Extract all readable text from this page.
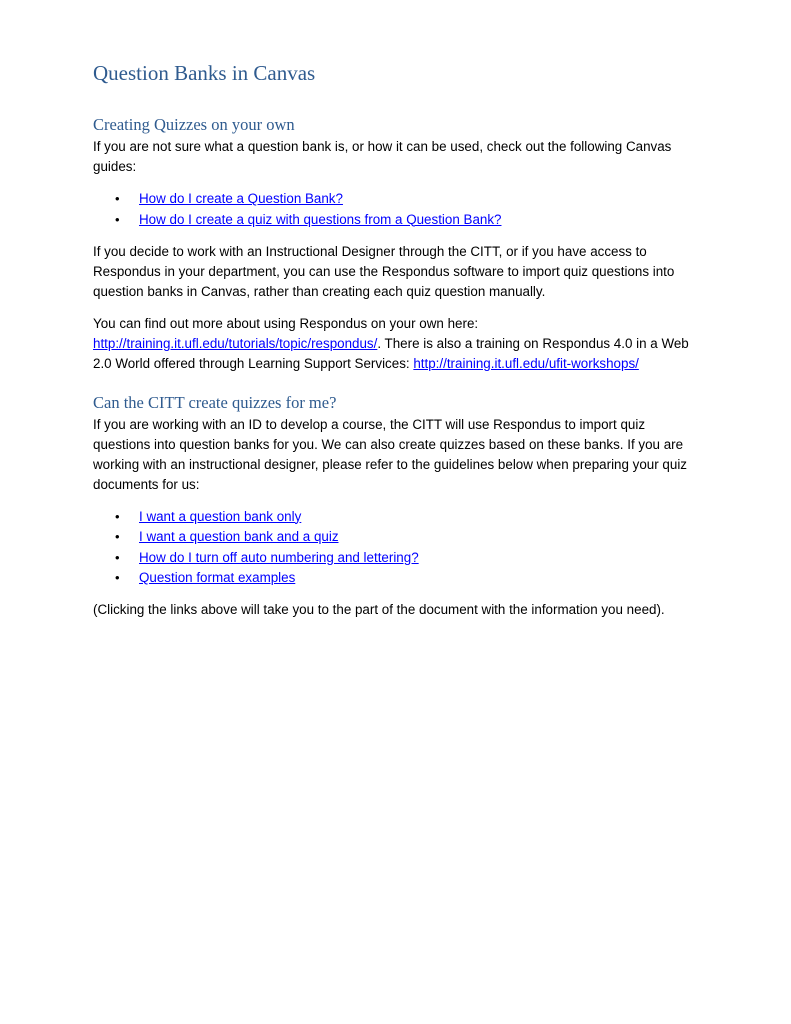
Question Banks in Canvas
Creating Quizzes on your own

If you are not sure what a question bank is, or how it can be used, check out the following Canvas guides:

• How do I create a Question Bank?
• How do I create a quiz with questions from a Question Bank?

If you decide to work with an Instructional Designer through the CITT, or if you have access to Respondus in your department, you can use the Respondus software to import quiz questions into question banks in Canvas, rather than creating each quiz question manually.

You can find out more about using Respondus on your own here:
http://training.it.ufl.edu/tutorials/topic/respondus/. There is also a training on Respondus 4.0 in a Web 2.0 World offered through Learning Support Services: http://training.it.ufl.edu/ufit-workshops/

Can the CITT create quizzes for me?

If you are working with an ID to develop a course, the CITT will use Respondus to import quiz questions into question banks for you. We can also create quizzes based on these banks. If you are working with an instructional designer, please refer to the guidelines below when preparing your quiz documents for us:

• I want a question bank only
• I want a question bank and a quiz
• How do I turn off auto numbering and lettering?
• Question format examples

(Clicking the links above will take you to the part of the document with the information you need).
